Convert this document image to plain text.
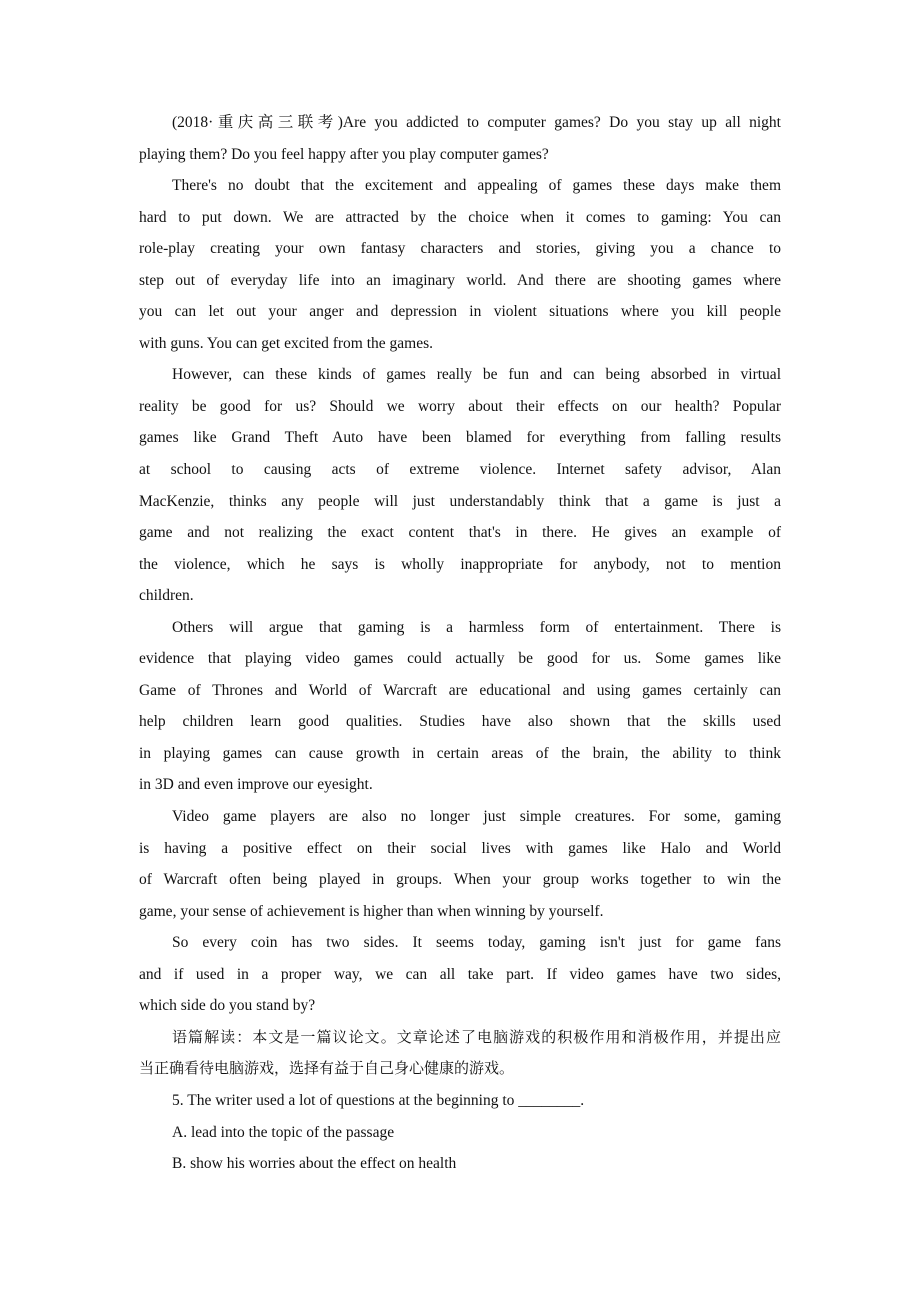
(2018·重庆高三联考)Are you addicted to computer games? Do you stay up all night
playing them? Do you feel happy after you play computer games?
There's no doubt that the excitement and appealing of games these days make them
hard to put down. We are attracted by the choice when it comes to gaming: You can
role-play creating your own fantasy characters and stories, giving you a chance to
step out of everyday life into an imaginary world. And there are shooting games where
you can let out your anger and depression in violent situations where you kill people
with guns. You can get excited from the games.
However, can these kinds of games really be fun and can being absorbed in virtual
reality be good for us? Should we worry about their effects on our health? Popular
games like Grand Theft Auto have been blamed for everything from falling results
at school to causing acts of extreme violence. Internet safety advisor, Alan
MacKenzie, thinks any people will just understandably think that a game is just a
game and not realizing the exact content that's in there. He gives an example of
the violence, which he says is wholly inappropriate for anybody, not to mention
children.
Others will argue that gaming is a harmless form of entertainment. There is
evidence that playing video games could actually be good for us. Some games like
Game of Thrones and World of Warcraft are educational and using games certainly can
help children learn good qualities. Studies have also shown that the skills used
in playing games can cause growth in certain areas of the brain, the ability to think
in 3D and even improve our eyesight.
Video game players are also no longer just simple creatures. For some, gaming
is having a positive effect on their social lives with games like Halo and World
of Warcraft often being played in groups. When your group works together to win the
game, your sense of achievement is higher than when winning by yourself.
So every coin has two sides. It seems today, gaming isn't just for game fans
and if used in a proper way, we can all take part. If video games have two sides,
which side do you stand by?
语篇解读：本文是一篇议论文。文章论述了电脑游戏的积极作用和消极作用，并提出应
当正确看待电脑游戏，选择有益于自己身心健康的游戏。
5. The writer used a lot of questions at the beginning to ________.
A. lead into the topic of the passage
B. show his worries about the effect on health
